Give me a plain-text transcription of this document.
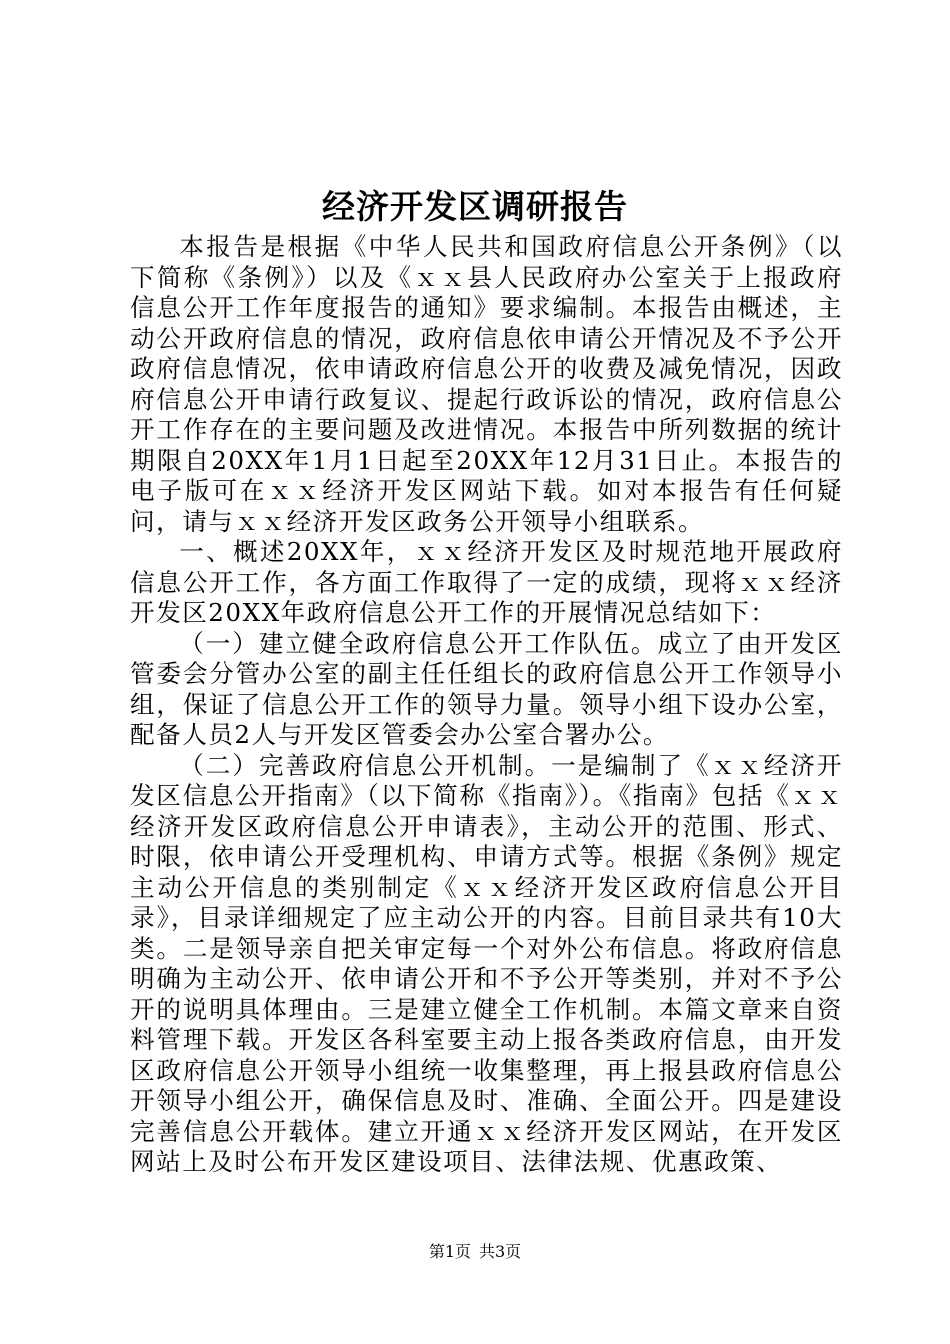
经济开发区调研报告

本报告是根据《中华人民共和国政府信息公开条例》（以下简称《条例》）以及《ｘｘ县人民政府办公室关于上报政府信息公开工作年度报告的通知》要求编制。本报告由概述，主动公开政府信息的情况，政府信息依申请公开情况及不予公开政府信息情况，依申请政府信息公开的收费及减免情况，因政府信息公开申请行政复议、提起行政诉讼的情况，政府信息公开工作存在的主要问题及改进情况。本报告中所列数据的统计期限自20XX年1月1日起至20XX年12月31日止。本报告的电子版可在ｘｘ经济开发区网站下载。如对本报告有任何疑问，请与ｘｘ经济开发区政务公开领导小组联系。

一、概述20XX年，ｘｘ经济开发区及时规范地开展政府信息公开工作，各方面工作取得了一定的成绩，现将ｘｘ经济开发区20XX年政府信息公开工作的开展情况总结如下：

（一）建立健全政府信息公开工作队伍。成立了由开发区管委会分管办公室的副主任任组长的政府信息公开工作领导小组，保证了信息公开工作的领导力量。领导小组下设办公室，配备人员2人与开发区管委会办公室合署办公。

（二）完善政府信息公开机制。一是编制了《ｘｘ经济开发区信息公开指南》（以下简称《指南》）。《指南》包括《ｘｘ经济开发区政府信息公开申请表》，主动公开的范围、形式、时限，依申请公开受理机构、申请方式等。根据《条例》规定主动公开信息的类别制定《ｘｘ经济开发区政府信息公开目录》，目录详细规定了应主动公开的内容。目前目录共有10大类。二是领导亲自把关审定每一个对外公布信息。将政府信息明确为主动公开、依申请公开和不予公开等类别，并对不予公开的说明具体理由。三是建立健全工作机制。本篇文章来自资料管理下载。开发区各科室要主动上报各类政府信息，由开发区政府信息公开领导小组统一收集整理，再上报县政府信息公开领导小组公开，确保信息及时、准确、全面公开。四是建设完善信息公开载体。建立开通ｘｘ经济开发区网站，在开发区网站上及时公布开发区建设项目、法律法规、优惠政策、

第1页 共3页
